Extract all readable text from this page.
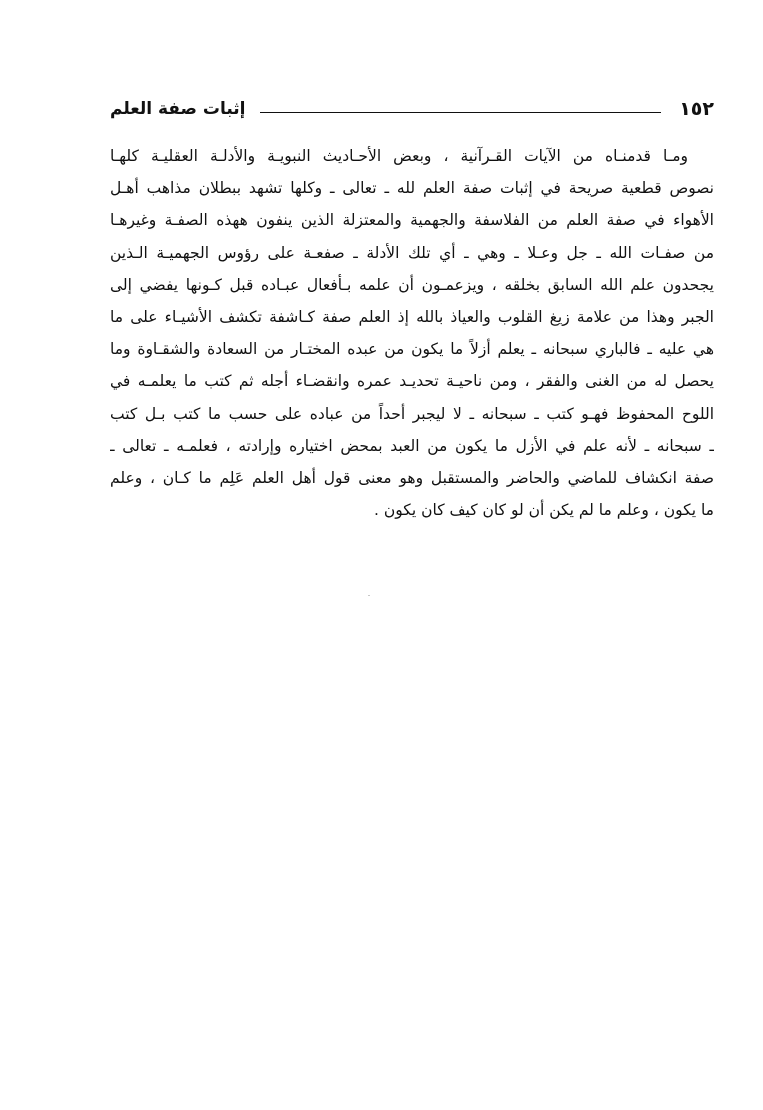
١٥٢
إثبات صفة العلم
ومـا قدمنـاه من الآيات القـرآنية ، وبعض الأحـاديث النبويـة والأدلـة العقليـة كلهـا
نصوص قطعية صريحة في إثبات صفة العلم لله ـ تعالى ـ وكلها تشهد ببطلان مذاهب أهـل
الأهواء في صفة العلم من الفلاسفة والجهمية والمعتزلة الذين ينفون ههذه الصفـة وغيرهـا
من صفـات الله ـ جل وعـلا ـ وهي ـ أي تلك الأدلة ـ صفعـة على رؤوس الجهميـة الـذين
يجحدون علم الله السابق بخلقه ، ويزعمـون أن علمه بـأفعال عبـاده قبل كـونها يفضي إلى
الجبر وهذا من علامة زيغ القلوب والعياذ بالله إذ العلم صفة كـاشفة تكشف الأشيـاء على ما
هي عليه ـ فالباري سبحانه ـ يعلم أزلاً ما يكون من عبده المختـار من السعادة والشقـاوة وما
يحصل له من الغنى والفقر ، ومن ناحيـة تحديـد عمره وانقضـاء أجله ثم كتب ما يعلمـه في
اللوح المحفوظ فهـو كتب ـ سبحانه ـ لا ليجبر أحداً من عباده على حسب ما كتب بـل كتب
ـ سبحانه ـ لأنه علم في الأزل ما يكون من العبد بمحض اختياره وإرادته ، فعلمـه ـ تعالى ـ
صفة انكشاف للماضي والحاضر والمستقبل وهو معنى قول أهل العلم عَلِم ما كـان ، وعلم
ما يكون ، وعلم ما لم يكن أن لو كان كيف كان يكون .
